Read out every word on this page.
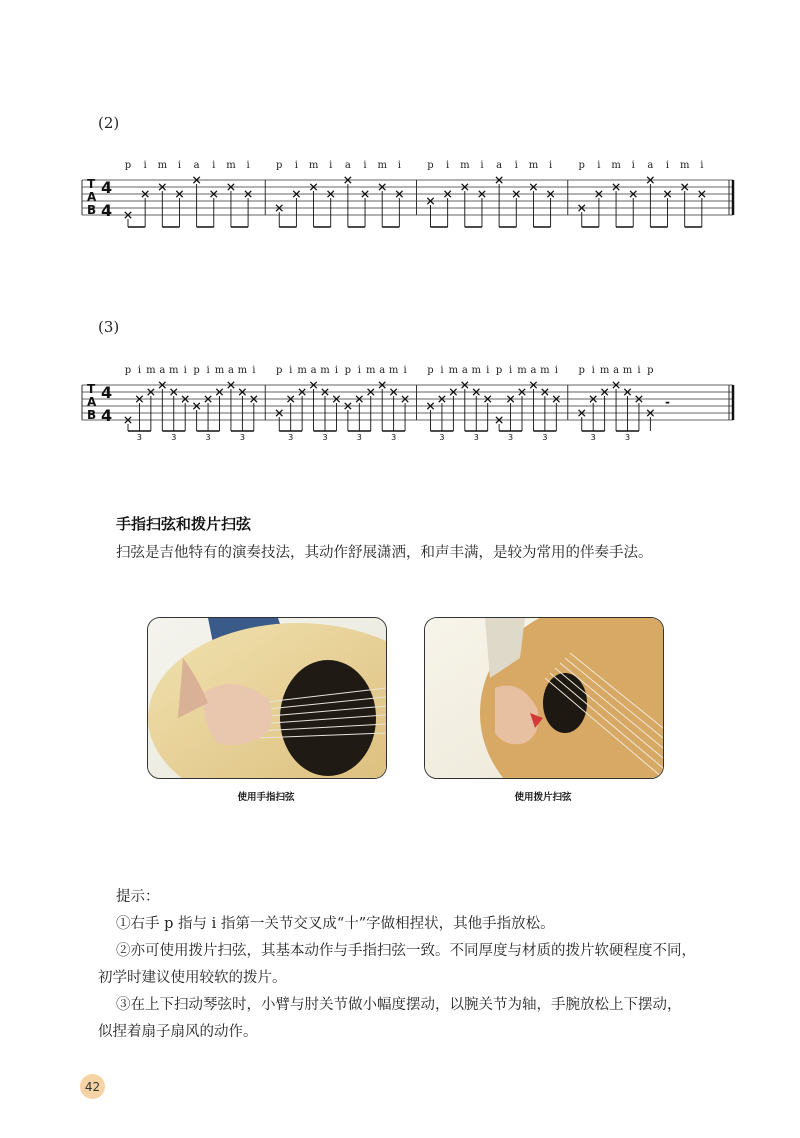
(2)
T
A
B
4
4
p i m i a i m i	p i m i a i m i	p i m i a i m i	p i m i a i m i
(3)
T
A
B
4
4
p i m a m i p i m a m i
3	3	3	3
p i m a m i p i m a m i
3	3	3	3
p i m a m i p i m a m i
3	3	3	3
p i m a m i p
3	3
-
手指扫弦和拨片扫弦
扫弦是吉他特有的演奏技法，其动作舒展潇洒，和声丰满，是较为常用的伴奏手法。
使用手指扫弦	使用拨片扫弦

提示：

①右手 p 指与 i 指第一关节交叉成“十”字做相捏状，其他手指放松。

②亦可使用拨片扫弦，其基本动作与手指扫弦一致。不同厚度与材质的拨片软硬程度不同，

初学时建议使用较软的拨片。

③在上下扫动琴弦时，小臂与肘关节做小幅度摆动，以腕关节为轴，手腕放松上下摆动，

似捏着扇子扇风的动作。

42
